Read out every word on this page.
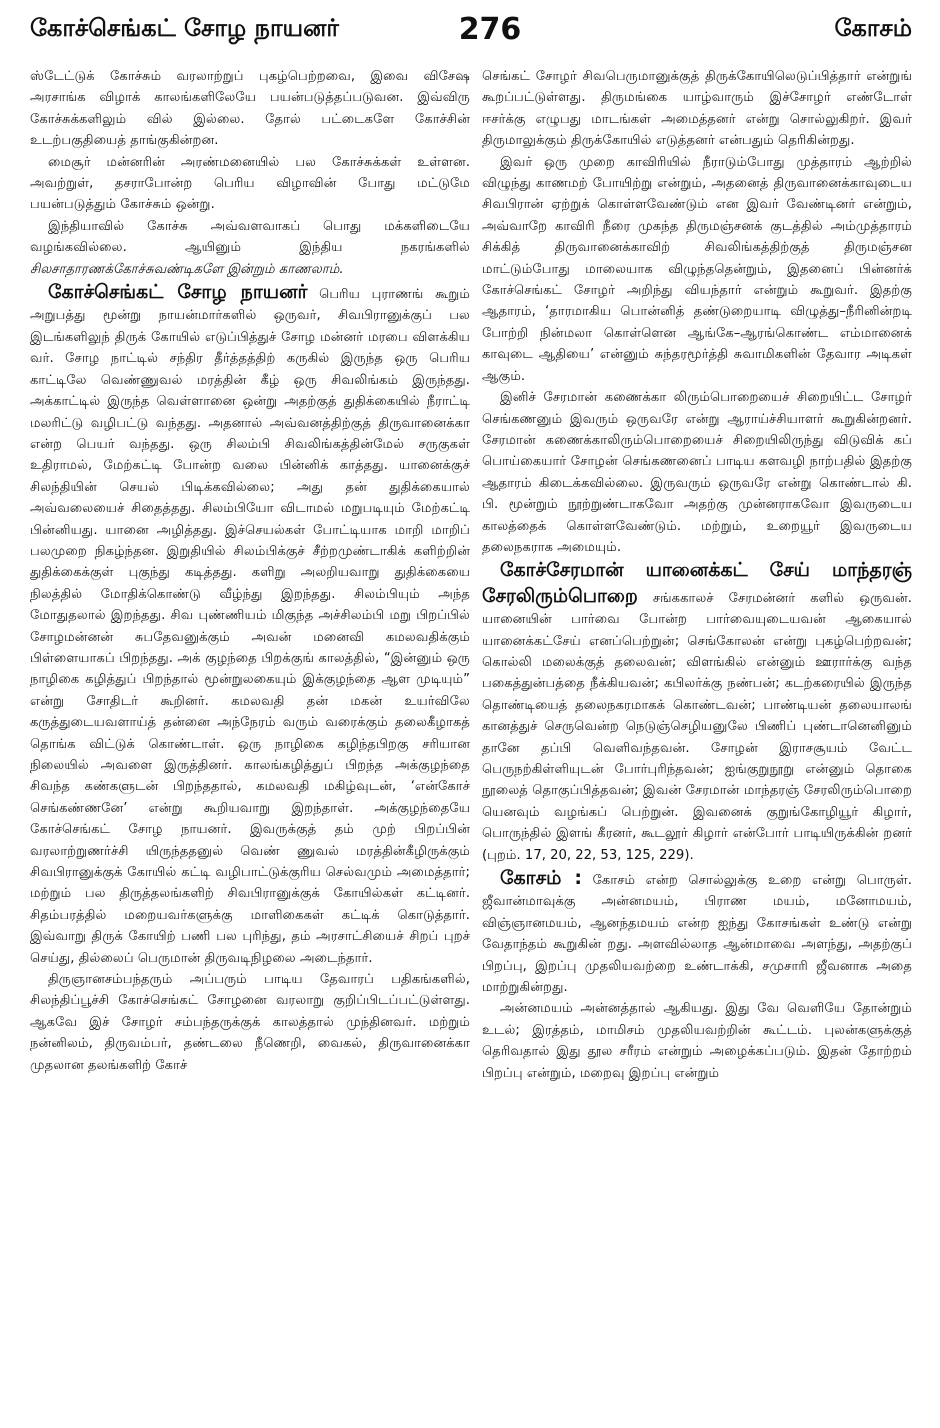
கோச்செங்கட் சோழ நாயனர்	276	கோசம்

ஸ்டேட்டுக் கோச்சும் வரலாற்றுப் புகழ்பெற்றவை, இவை விசேஷ அரசாங்க விழாக் காலங்களிலேயே பயன்படுத்தப்படுவன. இவ்விரு கோச்சுக்களிலும் வில் இல்லை. தோல் பட்டைகளே கோச்சின் உடற்பகுதியைத் தாங்குகின்றன.

மைசூர் மன்னரின் அரண்மனையில் பல கோச்சுக்கள் உள்ளன. அவற்றுள், தசராபோன்ற பெரிய விழாவின் போது மட்டுமே பயன்படுத்தும் கோச்சும் ஒன்று.

இந்தியாவில் கோச்சு அவ்வளவாகப் பொது மக்களிடையே வழங்கவில்லை. ஆயினும் இந்திய நகரங்களில் சிலசாதாரணக்கோச்சுவண்டிகளே இன்றும் காணலாம்.

கோச்செங்கட் சோழ நாயனர் பெரிய புராணங் கூறும் அறுபத்து மூன்று நாயன்மார்களில் ஒருவர், சிவபிரானுக்குப் பல இடங்களிலுந் திருக் கோயில் எடுப்பித்துச் சோழ மன்னர் மரபை விளக்கிய வர். சோழ நாட்டில் சந்திர தீர்த்தத்திற் கருகில் இருந்த ஒரு பெரிய காட்டிலே வெண்ணுவல் மரத்தின் கீழ் ஒரு சிவலிங்கம் இருந்தது. அக்காட்டில் இருந்த வெள்ளானை ஒன்று அதற்குத் துதிக்கையில் நீராட்டி மலரிட்டு வழிபட்டு வந்தது. அதனால் அவ்வனத்திற்குத் திருவானைக்கா என்ற பெயர் வந்தது. ஒரு சிலம்பி சிவலிங்கத்தின்மேல் சருகுகள் உதிராமல், மேற்கட்டி போன்ற வலை பின்னிக் காத்தது. யானைக்குச் சிலந்தியின் செயல் பிடிக்கவில்லை; அது தன் துதிக்கையால் அவ்வலையைச் சிதைத்தது. சிலம்பியோ விடாமல் மறுபடியும் மேற்கட்டி பின்னியது. யானை அழித்தது. இச்செயல்கள் போட்டியாக மாறி மாறிப் பலமுறை நிகழ்ந்தன. இறுதியில் சிலம்பிக்குச் சீற்றமுண்டாகிக் களிற்றின் துதிக்கைக்குள் புகுந்து கடித்தது. களிறு அலறியவாறு துதிக்கையை நிலத்தில் மோதிக்கொண்டு வீழ்ந்து இறந்தது. சிலம்பியும் அந்த மோதுதலால் இறந்தது. சிவ புண்ணியம் மிகுந்த அச்சிலம்பி மறு பிறப்பில் சோழமன்னன் சுபதேவனுக்கும் அவன் மனைவி கமலவதிக்கும் பிள்ளையாகப் பிறந்தது. அக் குழந்தை பிறக்குங் காலத்தில், “இன்னும் ஒரு நாழிகை கழித்துப் பிறந்தால் மூன்றுலகையும் இக்குழந்தை ஆள முடியும்” என்று சோதிடர் கூறினர். கமலவதி தன் மகன் உயர்விலே கருத்துடையவளாய்த் தன்னை அந்நேரம் வரும் வரைக்கும் தலைகீழாகத் தொங்க விட்டுக் கொண்டாள். ஒரு நாழிகை கழிந்தபிறகு சரியான நிலையில் அவளை இருத்தினர். காலங்கழித்துப் பிறந்த அக்குழந்தை சிவந்த கண்களுடன் பிறந்ததால், கமலவதி மகிழ்வுடன், ‘என்கோச் செங்கண்ணனே’ என்று கூறியவாறு இறந்தாள். அக்குழந்தையே கோச்செங்கட் சோழ நாயனர். இவருக்குத் தம் முற் பிறப்பின் வரலாற்றுணர்ச்சி யிருந்ததனுல் வெண் ணுவல் மரத்தின்கீழிருக்கும் சிவபிரானுக்குக் கோயில் கட்டி வழிபாட்டுக்குரிய செல்வமும் அமைத்தார்; மற்றும் பல திருத்தலங்களிற் சிவபிரானுக்குக் கோயில்கள் கட்டினர். சிதம்பரத்தில் மறையவர்களுக்கு மாளிகைகள் கட்டிக் கொடுத்தார். இவ்வாறு திருக் கோயிற் பணி பல புரிந்து, தம் அரசாட்சியைச் சிறப் புறச் செய்து, தில்லைப் பெருமான் திருவடிநிழலை அடைந்தார்.

திருஞானசம்பந்தரும் அப்பரும் பாடிய தேவாரப் பதிகங்களில், சிலந்திப்பூச்சி கோச்செங்கட் சோழனை வரலாறு குறிப்பிடப்பட்டுள்ளது. ஆகவே இச் சோழர் சம்பந்தருக்குக் காலத்தால் முந்தினவர். மற்றும் நன்னிலம், திருவம்பர், தண்டலை நீணெறி, வைகல், திருவானைக்கா முதலான தலங்களிற் கோச்

செங்கட் சோழர் சிவபெருமானுக்குத் திருக்கோயிலெடுப்பித்தார் என்றுங் கூறப்பட்டுள்ளது. திருமங்கை யாழ்வாரும் இச்சோழர் எண்டோள் ஈசர்க்கு எழுபது மாடங்கள் அமைத்தனர் என்று சொல்லுகிறர். இவர் திருமாலுக்கும் திருக்கோயில் எடுத்தனர் என்பதும் தெரிகின்றது.

இவர் ஒரு முறை காவிரியில் நீராடும்போது முத்தாரம் ஆற்றில் விழுந்து காணமற் போயிற்று என்றும், அதனைத் திருவானைக்காவுடைய சிவபிரான் ஏற்றுக் கொள்ளவேண்டும் என இவர் வேண்டினர் என்றும், அவ்வாறே காவிரி நீரை முகந்த திருமஞ்சனக் குடத்தில் அம்முத்தாரம் சிக்கித் திருவானைக்காவிற் சிவலிங்கத்திற்குத் திருமஞ்சன மாட்டும்போது மாலையாக விழுந்ததென்றும், இதனைப் பின்னர்க் கோச்செங்கட் சோழர் அறிந்து வியந்தார் என்றும் கூறுவர். இதற்கு ஆதாரம், ‘தாரமாகிய பொன்னித் தண்டுறையாடி விழுத்து–நீரினின்றடி போற்றி நின்மலா கொள்ளென ஆங்கே–ஆரங்கொண்ட எம்மானைக் காவுடை ஆதியை’ என்னும் சுந்தரமூர்த்தி சுவாமிகளின் தேவார அடிகள் ஆகும்.

இனிச் சேரமான் கணைக்கா லிரும்பொறையைச் சிறையிட்ட சோழர் செங்கணனும் இவரும் ஒருவரே என்று ஆராய்ச்சியாளர் கூறுகின்றனர். சேரமான் கணைக்காலிரும்பொறையைச் சிறையிலிருந்து விடுவிக் கப் பொய்கையார் சோழன் செங்கணனைப் பாடிய களவழி நாற்பதில் இதற்கு ஆதாரம் கிடைக்கவில்லை. இருவரும் ஒருவரே என்று கொண்டால் கி. பி. மூன்றும் நூற்றுண்டாகவோ அதற்கு முன்னராகவோ இவருடைய காலத்தைக் கொள்ளவேண்டும். மற்றும், உறையூர் இவருடைய தலைநகராக அமையும்.

கோச்சேரமான் யானைக்கட் சேய் மாந்தரஞ் சேரலிரும்பொறை சங்ககாலச் சேரமன்னர் களில் ஒருவன். யானையின் பார்வை போன்ற பார்வையுடையவன் ஆகையால் யானைக்கட்சேய் எனப்பெற்றுன்; செங்கோலன் என்று புகழ்பெற்றவன்; கொல்லி மலைக்குத் தலைவன்; விளங்கில் என்னும் ஊரார்க்கு வந்த பகைத்துன்பத்தை நீக்கியவன்; கபிலர்க்கு நண்பன்; கடற்கரையில் இருந்த தொண்டியைத் தலைநகரமாகக் கொண்டவன்; பாண்டியன் தலையாலங் கானத்துச் செருவென்ற நெடுஞ்செழியனுலே பிணிப் புண்டானெனினும் தானே தப்பி வெளிவந்தவன். சோழன் இராசசூயம் வேட்ட பெருநற்கிள்ளியுடன் போர்புரிந்தவன்; ஐங்குறுநூறு என்னும் தொகை நூலைத் தொகுப்பித்தவன்; இவன் சேரமான் மாந்தரஞ் சேரலிரும்பொறை யெனவும் வழங்கப் பெற்றுன். இவனைக் குறுங்கோழியூர் கிழார், பொருந்தில் இளங் கீரனர், கூடலூர் கிழார் என்போர் பாடியிருக்கின் றனர் (புறம். 17, 20, 22, 53, 125, 229).

கோசம் : கோசம் என்ற சொல்லுக்கு உறை என்று பொருள். ஜீவான்மாவுக்கு அன்னமயம், பிராண மயம், மனோமயம், விஞ்ஞானமயம், ஆனந்தமயம் என்ற ஐந்து கோசங்கள் உண்டு என்று வேதாந்தம் கூறுகின் றது. அளவில்லாத ஆன்மாவை அளந்து, அதற்குப் பிறப்பு, இறப்பு முதலியவற்றை உண்டாக்கி, சமுசாரி ஜீவனாக அதை மாற்றுகின்றது.

அன்னமயம் அன்னத்தால் ஆகியது. இது வே வெளியே தோன்றும் உடல்; இரத்தம், மாமிசம் முதலியவற்றின் கூட்டம். புலன்களுக்குத் தெரிவதால் இது தூல சரீரம் என்றும் அழைக்கப்படும். இதன் தோற்றம் பிறப்பு என்றும், மறைவு இறப்பு என்றும்
